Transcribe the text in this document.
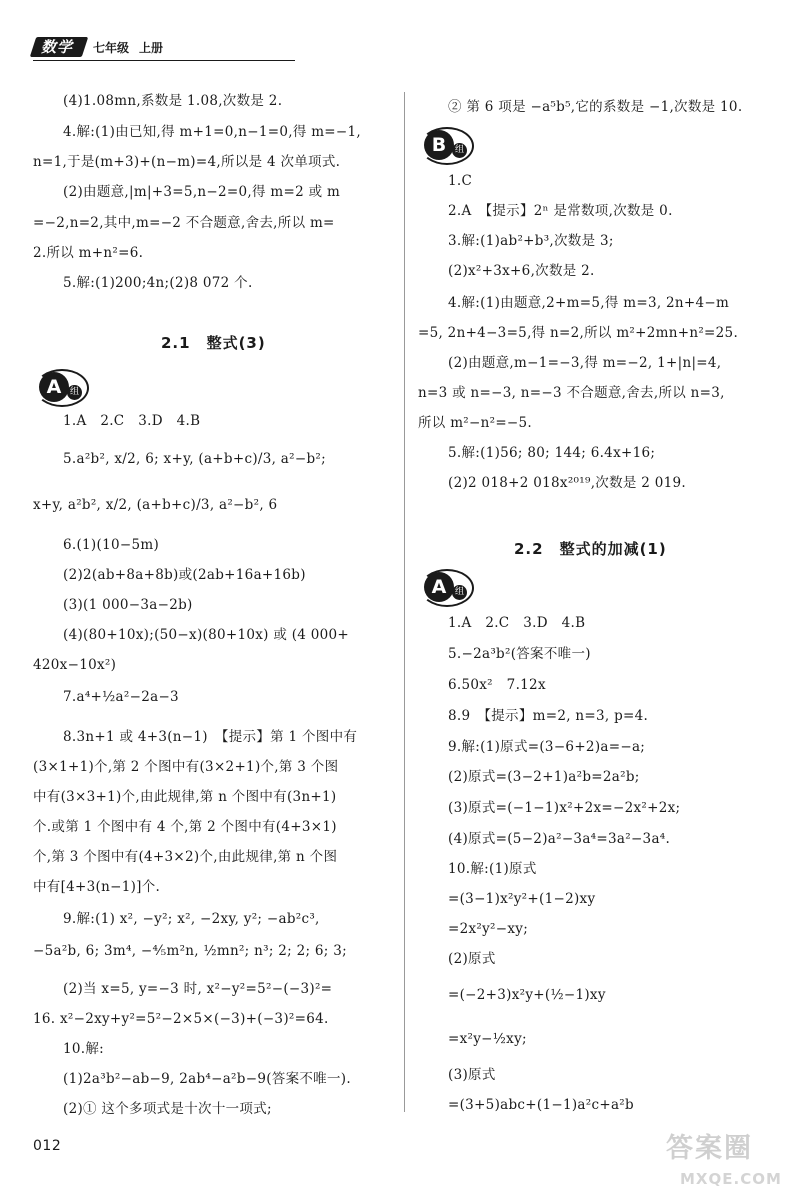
数学	七年级 上册
(4)1.08mn,系数是 1.08,次数是 2.
4.解:(1)由已知,得 m+1=0,n−1=0,得 m=−1,
n=1,于是(m+3)+(n−m)=4,所以是 4 次单项式.
(2)由题意,|m|+3=5,n−2=0,得 m=2 或 m
=−2,n=2,其中,m=−2 不合题意,舍去,所以 m=
2.所以 m+n²=6.
5.解:(1)200;4n;(2)8 072 个.
2.1　整式(3)
A 组
1.A　2.C　3.D　4.B
5.a²b², x/2, 6; x+y, (a+b+c)/3, a²−b²;
x+y, a²b², x/2, (a+b+c)/3, a²−b², 6
6.(1)(10−5m)
(2)2(ab+8a+8b)或(2ab+16a+16b)
(3)(1 000−3a−2b)
(4)(80+10x);(50−x)(80+10x) 或 (4 000+
420x−10x²)
7.a⁴+½a²−2a−3
8.3n+1 或 4+3(n−1)　【提示】第 1 个图中有
(3×1+1)个,第 2 个图中有(3×2+1)个,第 3 个图
中有(3×3+1)个,由此规律,第 n 个图中有(3n+1)
个.或第 1 个图中有 4 个,第 2 个图中有(4+3×1)
个,第 3 个图中有(4+3×2)个,由此规律,第 n 个图
中有[4+3(n−1)]个.
9.解:(1) x², −y²; x², −2xy, y²; −ab²c³,
−5a²b, 6; 3m⁴, −⁴⁄₅m²n, ½mn²; n³; 2; 2; 6; 3;
(2)当 x=5, y=−3 时, x²−y²=5²−(−3)²=
16. x²−2xy+y²=5²−2×5×(−3)+(−3)²=64.
10.解:
(1)2a³b²−ab−9, 2ab⁴−a²b−9(答案不唯一).
(2)① 这个多项式是十次十一项式;
② 第 6 项是 −a⁵b⁵,它的系数是 −1,次数是 10.
B 组
1.C
2.A　【提示】2ⁿ 是常数项,次数是 0.
3.解:(1)ab²+b³,次数是 3;
(2)x²+3x+6,次数是 2.
4.解:(1)由题意,2+m=5,得 m=3, 2n+4−m
=5, 2n+4−3=5,得 n=2,所以 m²+2mn+n²=25.
(2)由题意,m−1=−3,得 m=−2, 1+|n|=4,
n=3 或 n=−3, n=−3 不合题意,舍去,所以 n=3,
所以 m²−n²=−5.
5.解:(1)56; 80; 144; 6.4x+16;
(2)2 018+2 018x²⁰¹⁹,次数是 2 019.
2.2　整式的加减(1)
A 组
1.A　2.C　3.D　4.B
5.−2a³b²(答案不唯一)
6.50x²　7.12x
8.9　【提示】m=2, n=3, p=4.
9.解:(1)原式=(3−6+2)a=−a;
(2)原式=(3−2+1)a²b=2a²b;
(3)原式=(−1−1)x²+2x=−2x²+2x;
(4)原式=(5−2)a²−3a⁴=3a²−3a⁴.
10.解:(1)原式
=(3−1)x²y²+(1−2)xy
=2x²y²−xy;
(2)原式
=(−2+3)x²y+(½−1)xy
=x²y−½xy;
(3)原式
=(3+5)abc+(1−1)a²c+a²b
012	答案圈
MXQE.COM
